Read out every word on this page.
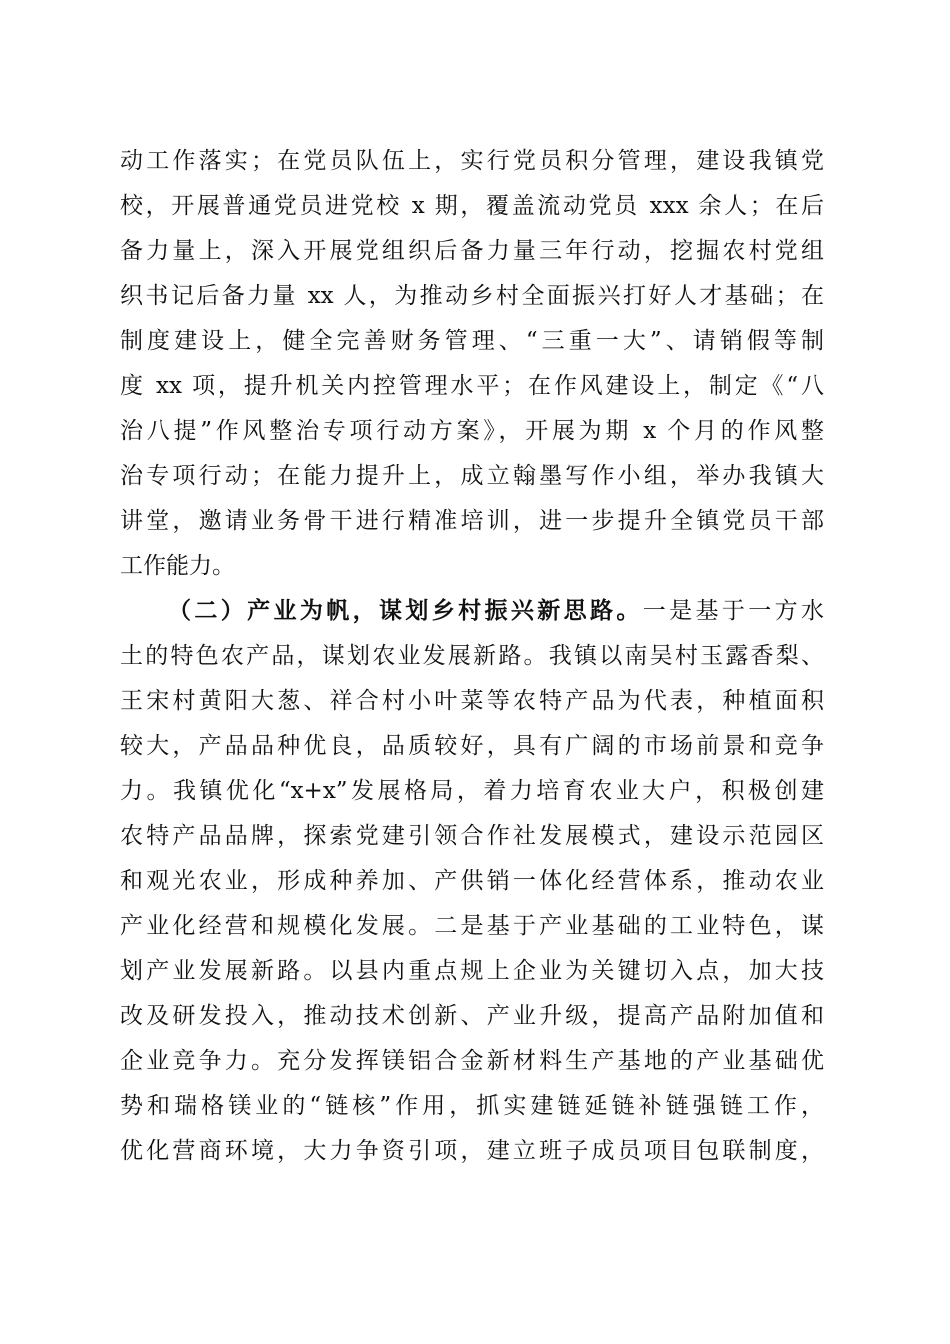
动工作落实；在党员队伍上，实行党员积分管理，建设我镇党
校，开展普通党员进党校 x 期，覆盖流动党员 xxx 余人；在后
备力量上，深入开展党组织后备力量三年行动，挖掘农村党组
织书记后备力量 xx 人，为推动乡村全面振兴打好人才基础；在
制度建设上，健全完善财务管理、“三重一大”、请销假等制
度 xx 项，提升机关内控管理水平；在作风建设上，制定《“八
治八提”作风整治专项行动方案》，开展为期 x 个月的作风整
治专项行动；在能力提升上，成立翰墨写作小组，举办我镇大
讲堂，邀请业务骨干进行精准培训，进一步提升全镇党员干部
工作能力。
（二）产业为帆，谋划乡村振兴新思路。一是基于一方水
土的特色农产品，谋划农业发展新路。我镇以南吴村玉露香梨、
王宋村黄阳大葱、祥合村小叶菜等农特产品为代表，种植面积
较大，产品品种优良，品质较好，具有广阔的市场前景和竞争
力。我镇优化“x+x”发展格局，着力培育农业大户，积极创建
农特产品品牌，探索党建引领合作社发展模式，建设示范园区
和观光农业，形成种养加、产供销一体化经营体系，推动农业
产业化经营和规模化发展。二是基于产业基础的工业特色，谋
划产业发展新路。以县内重点规上企业为关键切入点，加大技
改及研发投入，推动技术创新、产业升级，提高产品附加值和
企业竞争力。充分发挥镁铝合金新材料生产基地的产业基础优
势和瑞格镁业的“链核”作用，抓实建链延链补链强链工作，
优化营商环境，大力争资引项，建立班子成员项目包联制度，
